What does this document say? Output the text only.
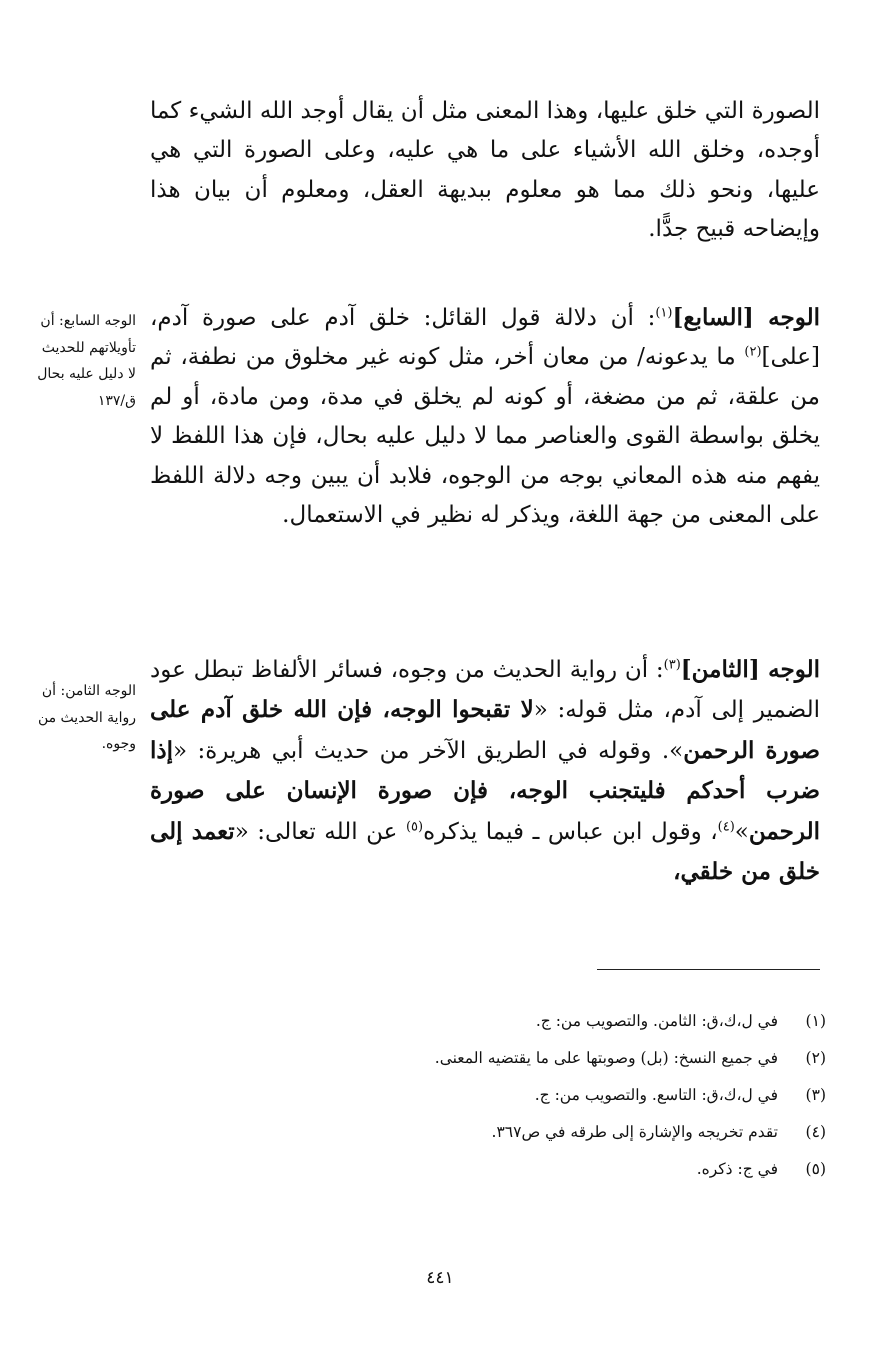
الصورة التي خلق عليها، وهذا المعنى مثل أن يقال أوجد الله الشيء كما أوجده، وخلق الله الأشياء على ما هي عليه، وعلى الصورة التي هي عليها، ونحو ذلك مما هو معلوم ببديهة العقل، ومعلوم أن بيان هذا وإيضاحه قبيح جدًّا.

الوجه [السابع]$^{(١)}$: أن دلالة قول القائل: خلق آدم على صورة آدم، [على]$^{(٢)}$ ما يدعونه/ من معان أخر، مثل كونه غير مخلوق من نطفة، ثم من علقة، ثم من مضغة، أو كونه لم يخلق في مدة، ومن مادة، أو لم يخلق بواسطة القوى والعناصر مما لا دليل عليه بحال، فإن هذا اللفظ لا يفهم منه هذه المعاني بوجه من الوجوه، فلابد أن يبين وجه دلالة اللفظ على المعنى من جهة اللغة، ويذكر له نظير في الاستعمال.

الوجه [الثامن]$^{(٣)}$: أن رواية الحديث من وجوه، فسائر الألفاظ تبطل عود الضمير إلى آدم، مثل قوله: «لا تقبحوا الوجه، فإن الله خلق آدم على صورة الرحمن». وقوله في الطريق الآخر من حديث أبي هريرة: «إذا ضرب أحدكم فليتجنب الوجه، فإن صورة الإنسان على صورة الرحمن»$^{(٤)}$، وقول ابن عباس ـ فيما يذكره$^{(٥)}$ عن الله تعالى: «تعمد إلى خلق من خلقي،

الوجه السابع: أن تأويلاتهم للحديث لا دليل عليه بحال ق/١٣٧
الوجه الثامن: أن رواية الحديث من وجوه.
(١)
في ل،ك،ق: الثامن. والتصويب من: ج.
(٢)
في جميع النسخ: (بل) وصوبتها على ما يقتضيه المعنى.
(٣)
في ل،ك،ق: التاسع. والتصويب من: ج.
(٤)
تقدم تخريجه والإشارة إلى طرقه في ص٣٦٧.
(٥)
في ج: ذكره.
٤٤١
